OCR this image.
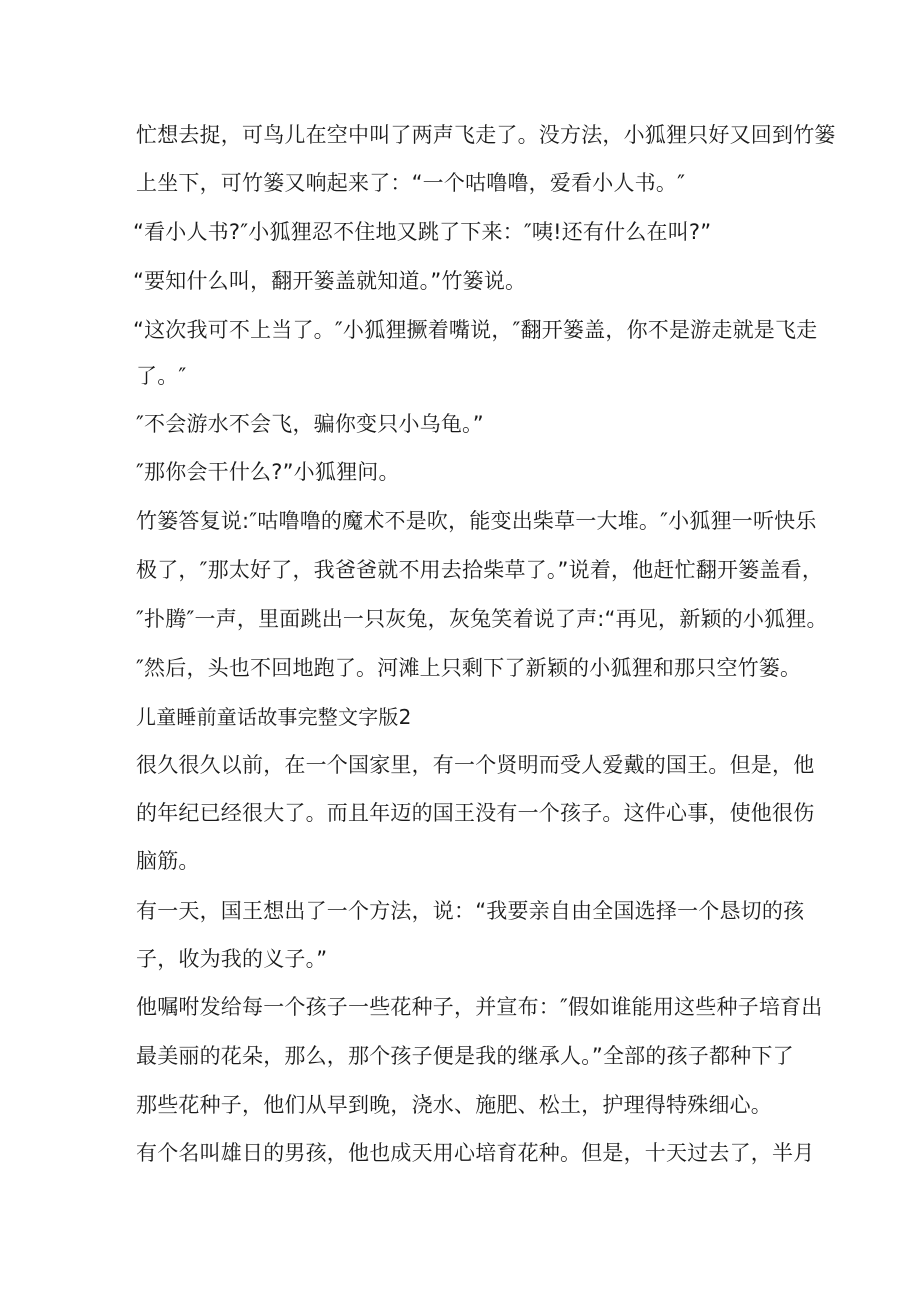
忙想去捉，可鸟儿在空中叫了两声飞走了。没方法，小狐狸只好又回到竹篓
上坐下，可竹篓又响起来了：“一个咕噜噜，爱看小人书。″
“看小人书?″小狐狸忍不住地又跳了下来：″咦!还有什么在叫?”
“要知什么叫，翻开篓盖就知道。”竹篓说。
“这次我可不上当了。″小狐狸撅着嘴说，″翻开篓盖，你不是游走就是飞走
了。″
″不会游水不会飞，骗你变只小乌龟。”
″那你会干什么?”小狐狸问。
竹篓答复说:″咕噜噜的魔术不是吹，能变出柴草一大堆。″小狐狸一听快乐
极了，″那太好了，我爸爸就不用去拾柴草了。”说着，他赶忙翻开篓盖看，
″扑腾″一声，里面跳出一只灰兔，灰兔笑着说了声:“再见，新颖的小狐狸。
″然后，头也不回地跑了。河滩上只剩下了新颖的小狐狸和那只空竹篓。
儿童睡前童话故事完整文字版2
很久很久以前，在一个国家里，有一个贤明而受人爱戴的国王。但是，他
的年纪已经很大了。而且年迈的国王没有一个孩子。这件心事，使他很伤
脑筋。
有一天，国王想出了一个方法，说：“我要亲自由全国选择一个恳切的孩
子，收为我的义子。”
他嘱咐发给每一个孩子一些花种子，并宣布：″假如谁能用这些种子培育出
最美丽的花朵，那么，那个孩子便是我的继承人。”全部的孩子都种下了
那些花种子，他们从早到晚，浇水、施肥、松土，护理得特殊细心。
有个名叫雄日的男孩，他也成天用心培育花种。但是，十天过去了，半月
